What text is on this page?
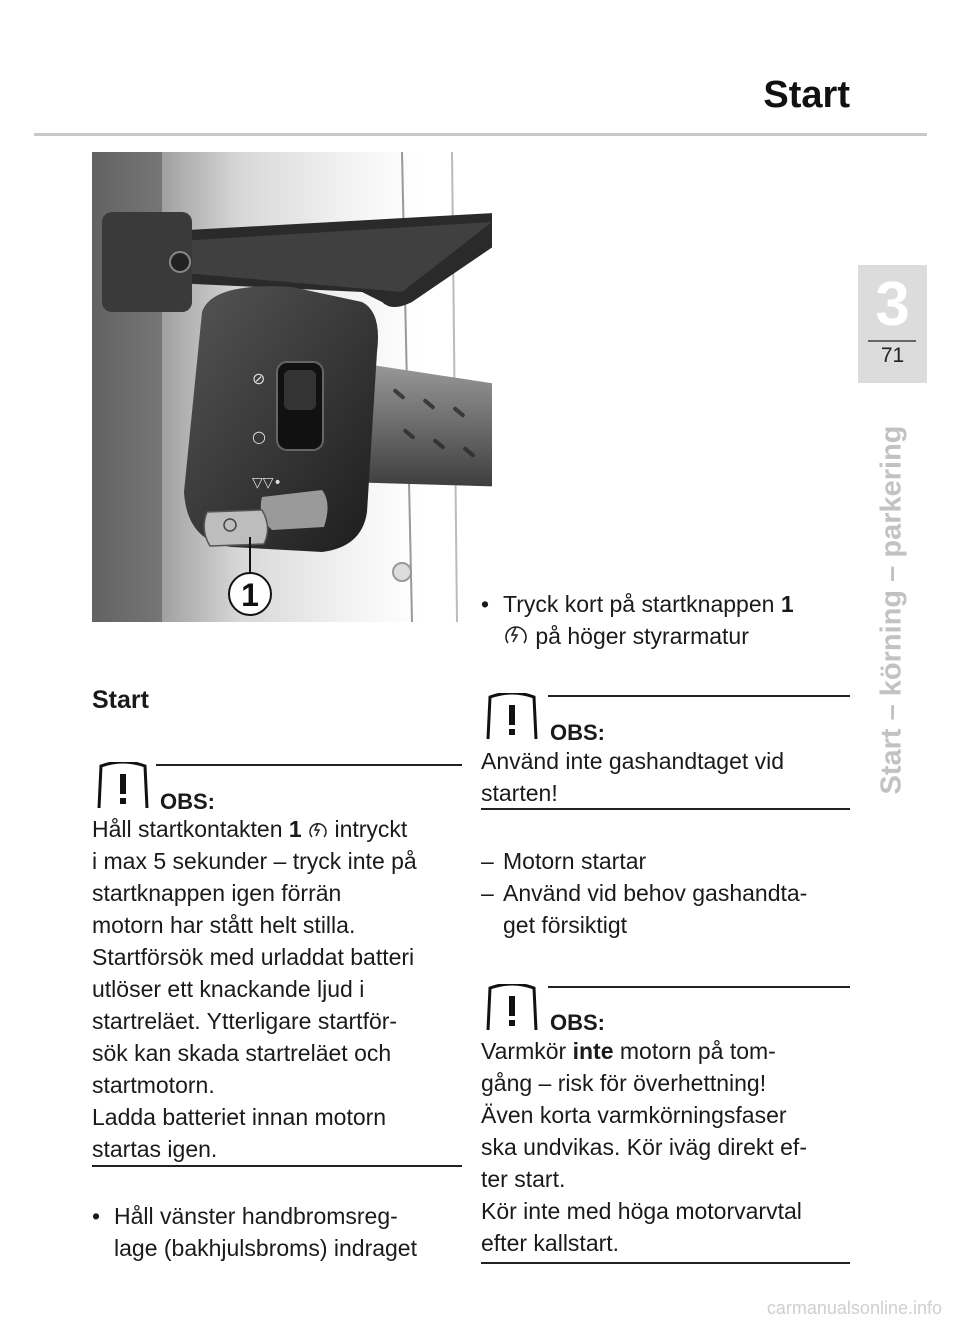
Start
3
71
Start – körning – parkering
⊘
○
▽▽•
1
Start
OBS:

Håll startkontakten 1 intryckt

i max 5 sekunder – tryck inte på

startknappen igen förrän

motorn har stått helt stilla.

Startförsök med urladdat batteri

utlöser ett knackande ljud i

startreläet. Ytterligare startför-

sök kan skada startreläet och

startmotorn.

Ladda batteriet innan motorn

startas igen.

• Håll vänster handbromsreg-
lage (bakhjulsbroms) indraget
• Tryck kort på startknappen 1
på höger styrarmatur
OBS:

Använd inte gashandtaget vid

starten!

– Motorn startar
– Använd vid behov gashandta-
get försiktigt
OBS:

Varmkör inte motorn på tom-

gång – risk för överhettning!

Även korta varmkörningsfaser

ska undvikas. Kör iväg direkt ef-

ter start.

Kör inte med höga motorvarvtal

efter kallstart.

carmanualsonline.info
